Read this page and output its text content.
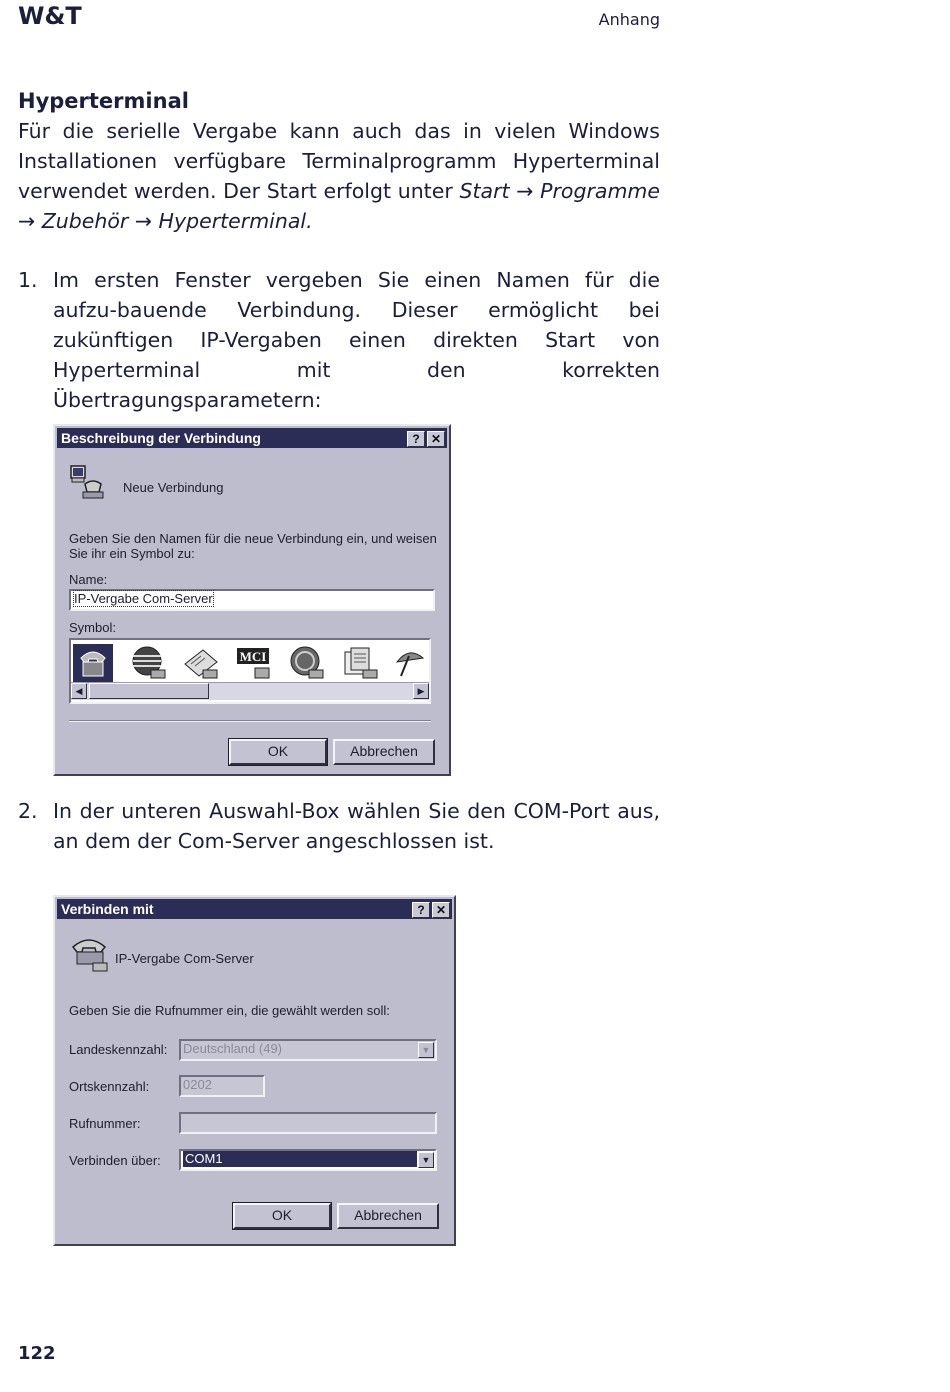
W&T	Anhang
Hyperterminal

Für die serielle Vergabe kann auch das in vielen Windows Installationen verfügbare Terminalprogramm Hyperterminal verwendet werden. Der Start erfolgt unter Start → Programme → Zubehör → Hyperterminal.

1. Im ersten Fenster vergeben Sie einen Namen für die aufzu-bauende Verbindung. Dieser ermöglicht bei zukünftigen IP-Vergaben einen direkten Start von Hyperterminal mit den korrekten Übertragungsparametern:

Beschreibung der Verbindung	? ✕
Neue Verbindung
Geben Sie den Namen für die neue Verbindung ein, und weisen
Sie ihr ein Symbol zu:
Name:
IP-Vergabe Com-Server
Symbol:
MCI
◀	▶
OK	Abbrechen
2. In der unteren Auswahl-Box wählen Sie den COM-Port aus, an dem der Com-Server angeschlossen ist.

Verbinden mit	? ✕
IP-Vergabe Com-Server
Geben Sie die Rufnummer ein, die gewählt werden soll:
Landeskennzahl:	Deutschland (49)	▼
Ortskennzahl:	0202
Rufnummer:
Verbinden über:	COM1	▼
OK	Abbrechen
122
